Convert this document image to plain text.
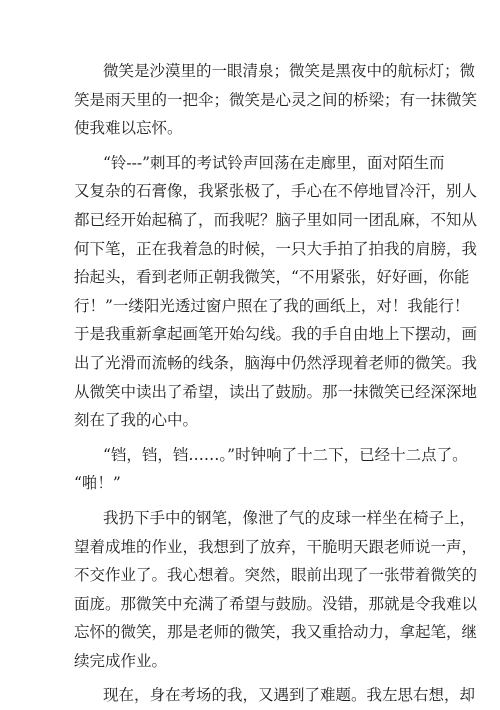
微笑是沙漠里的一眼清泉；微笑是黑夜中的航标灯；微
笑是雨天里的一把伞；微笑是心灵之间的桥梁；有一抹微笑
使我难以忘怀。
“铃---”刺耳的考试铃声回荡在走廊里，面对陌生而
又复杂的石膏像，我紧张极了，手心在不停地冒冷汗，别人
都已经开始起稿了，而我呢？脑子里如同一团乱麻，不知从
何下笔，正在我着急的时候，一只大手拍了拍我的肩膀，我
抬起头，看到老师正朝我微笑，“不用紧张，好好画，你能
行！”一缕阳光透过窗户照在了我的画纸上，对！我能行！
于是我重新拿起画笔开始勾线。我的手自由地上下摆动，画
出了光滑而流畅的线条，脑海中仍然浮现着老师的微笑。我
从微笑中读出了希望，读出了鼓励。那一抹微笑已经深深地
刻在了我的心中。
“铛，铛，铛……。”时钟响了十二下，已经十二点了。
“啪！”
我扔下手中的钢笔，像泄了气的皮球一样坐在椅子上，
望着成堆的作业，我想到了放弃，干脆明天跟老师说一声，
不交作业了。我心想着。突然，眼前出现了一张带着微笑的
面庞。那微笑中充满了希望与鼓励。没错，那就是令我难以
忘怀的微笑，那是老师的微笑，我又重拾动力，拿起笔，继
续完成作业。
现在，身在考场的我，又遇到了难题。我左思右想，却
